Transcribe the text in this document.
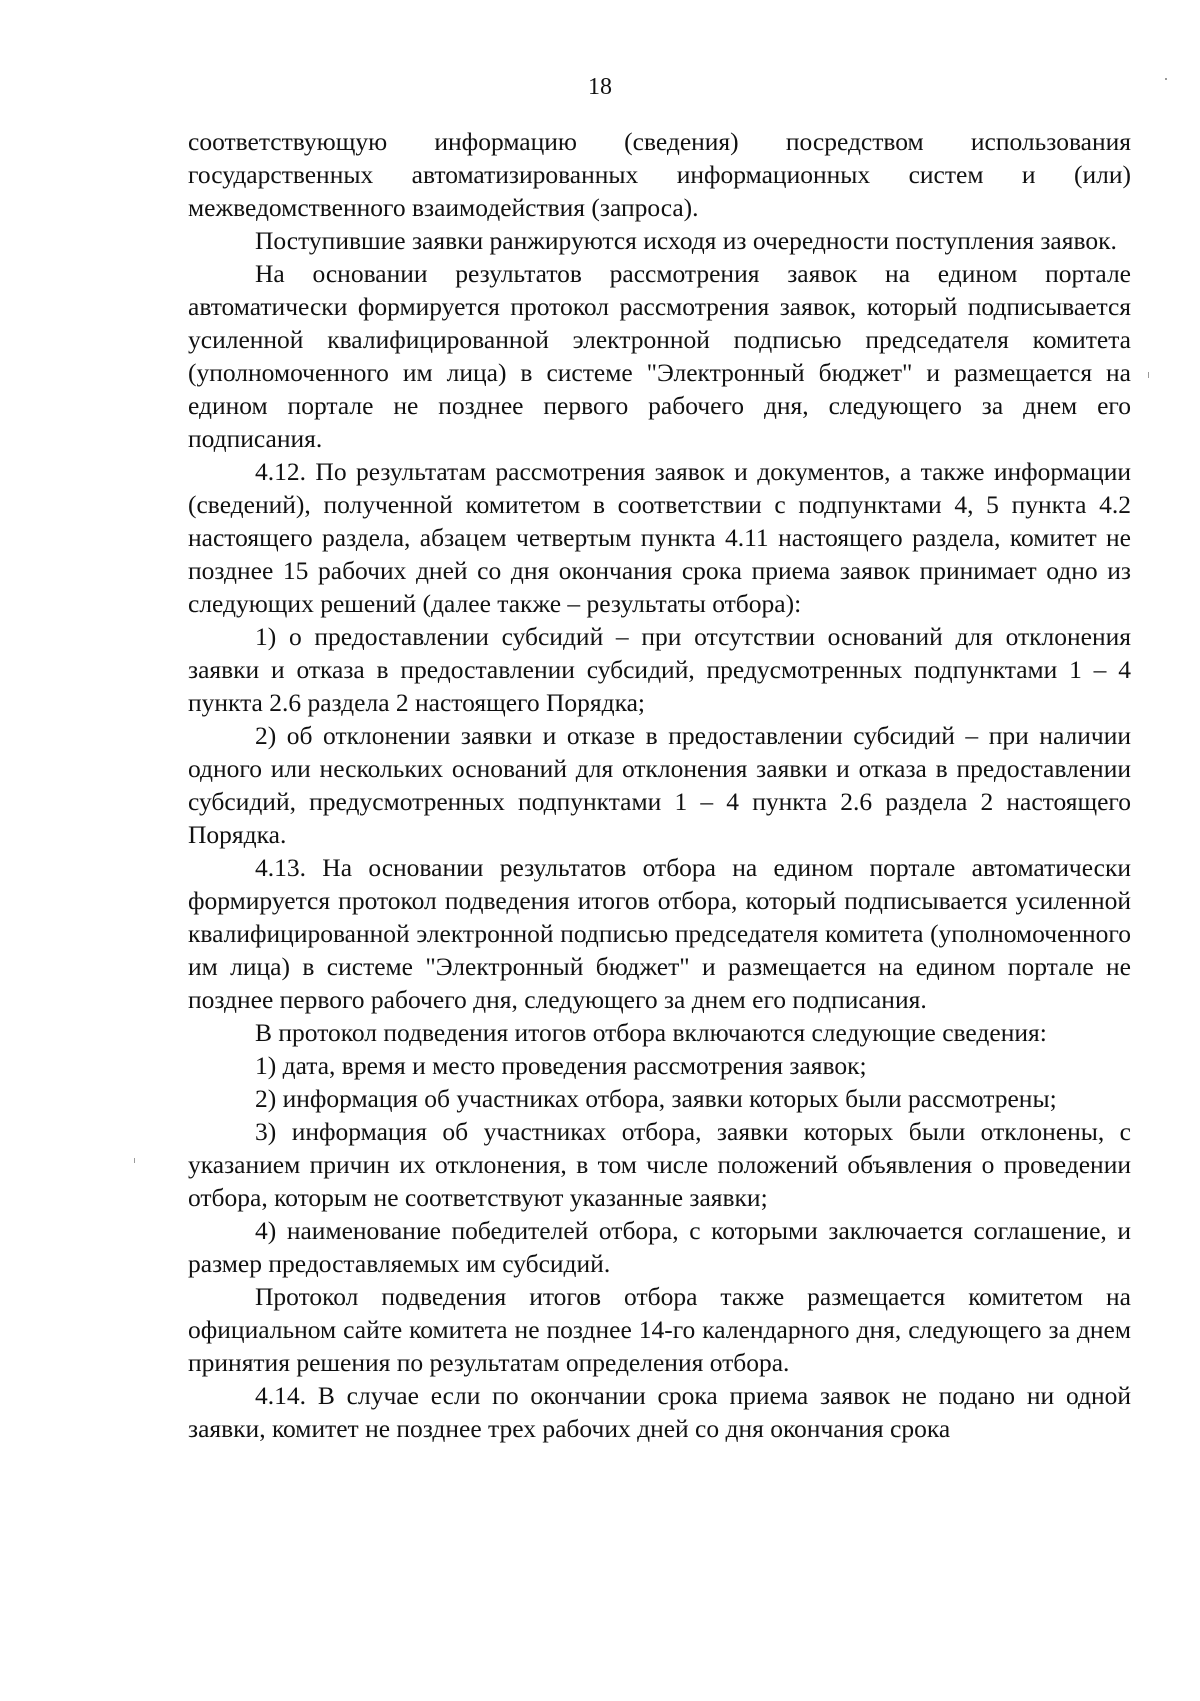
18

соответствующую информацию (сведения) посредством использования государственных автоматизированных информационных систем и (или) межведомственного взаимодействия (запроса).

Поступившие заявки ранжируются исходя из очередности поступления заявок.

На основании результатов рассмотрения заявок на едином портале автоматически формируется протокол рассмотрения заявок, который подписывается усиленной квалифицированной электронной подписью председателя комитета (уполномоченного им лица) в системе "Электронный бюджет" и размещается на едином портале не позднее первого рабочего дня, следующего за днем его подписания.

4.12. По результатам рассмотрения заявок и документов, а также информации (сведений), полученной комитетом в соответствии с подпунктами 4, 5 пункта 4.2 настоящего раздела, абзацем четвертым пункта 4.11 настоящего раздела, комитет не позднее 15 рабочих дней со дня окончания срока приема заявок принимает одно из следующих решений (далее также – результаты отбора):

1) о предоставлении субсидий – при отсутствии оснований для отклонения заявки и отказа в предоставлении субсидий, предусмотренных подпунктами 1 – 4 пункта 2.6 раздела 2 настоящего Порядка;

2) об отклонении заявки и отказе в предоставлении субсидий – при наличии одного или нескольких оснований для отклонения заявки и отказа в предоставлении субсидий, предусмотренных подпунктами 1 – 4 пункта 2.6 раздела 2 настоящего Порядка.

4.13. На основании результатов отбора на едином портале автоматически формируется протокол подведения итогов отбора, который подписывается усиленной квалифицированной электронной подписью председателя комитета (уполномоченного им лица) в системе "Электронный бюджет" и размещается на едином портале не позднее первого рабочего дня, следующего за днем его подписания.

В протокол подведения итогов отбора включаются следующие сведения:

1) дата, время и место проведения рассмотрения заявок;

2) информация об участниках отбора, заявки которых были рассмотрены;

3) информация об участниках отбора, заявки которых были отклонены, с указанием причин их отклонения, в том числе положений объявления о проведении отбора, которым не соответствуют указанные заявки;

4) наименование победителей отбора, с которыми заключается соглашение, и размер предоставляемых им субсидий.

Протокол подведения итогов отбора также размещается комитетом на официальном сайте комитета не позднее 14-го календарного дня, следующего за днем принятия решения по результатам определения отбора.

4.14. В случае если по окончании срока приема заявок не подано ни одной заявки, комитет не позднее трех рабочих дней со дня окончания срока
